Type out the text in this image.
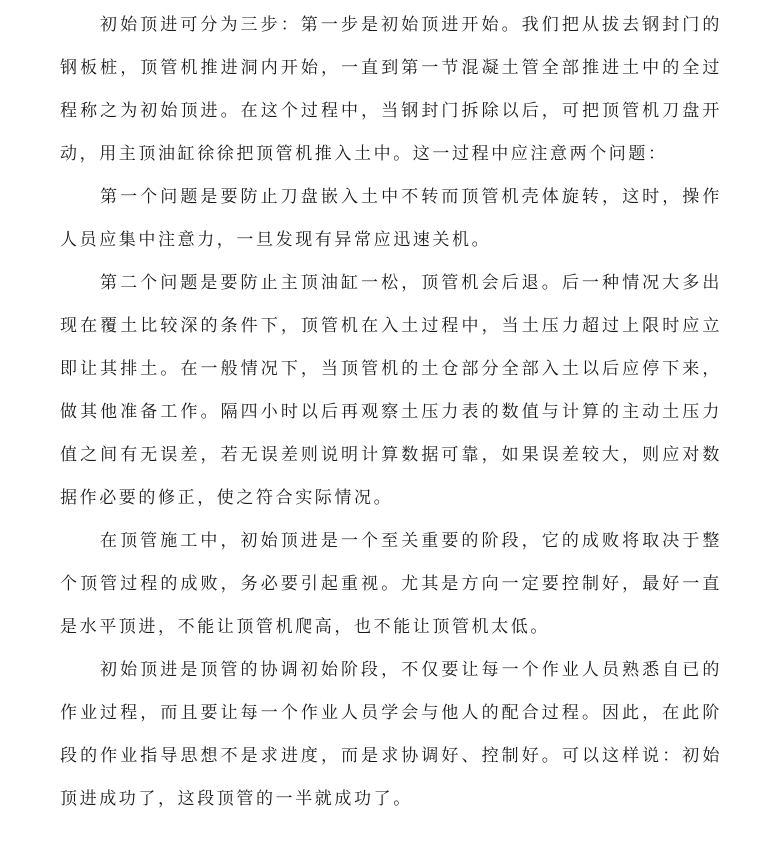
初始顶进可分为三步：第一步是初始顶进开始。我们把从拔去钢封门的钢板桩，顶管机推进洞内开始，一直到第一节混凝土管全部推进土中的全过程称之为初始顶进。在这个过程中，当钢封门拆除以后，可把顶管机刀盘开动，用主顶油缸徐徐把顶管机推入土中。这一过程中应注意两个问题：

第一个问题是要防止刀盘嵌入土中不转而顶管机壳体旋转，这时，操作人员应集中注意力，一旦发现有异常应迅速关机。

第二个问题是要防止主顶油缸一松，顶管机会后退。后一种情况大多出现在覆土比较深的条件下，顶管机在入土过程中，当土压力超过上限时应立即让其排土。在一般情况下，当顶管机的土仓部分全部入土以后应停下来，做其他准备工作。隔四小时以后再观察土压力表的数值与计算的主动土压力值之间有无误差，若无误差则说明计算数据可靠，如果误差较大，则应对数据作必要的修正，使之符合实际情况。

在顶管施工中，初始顶进是一个至关重要的阶段，它的成败将取决于整个顶管过程的成败，务必要引起重视。尤其是方向一定要控制好，最好一直是水平顶进，不能让顶管机爬高，也不能让顶管机太低。

初始顶进是顶管的协调初始阶段，不仅要让每一个作业人员熟悉自已的作业过程，而且要让每一个作业人员学会与他人的配合过程。因此，在此阶段的作业指导思想不是求进度，而是求协调好、控制好。可以这样说：初始顶进成功了，这段顶管的一半就成功了。
